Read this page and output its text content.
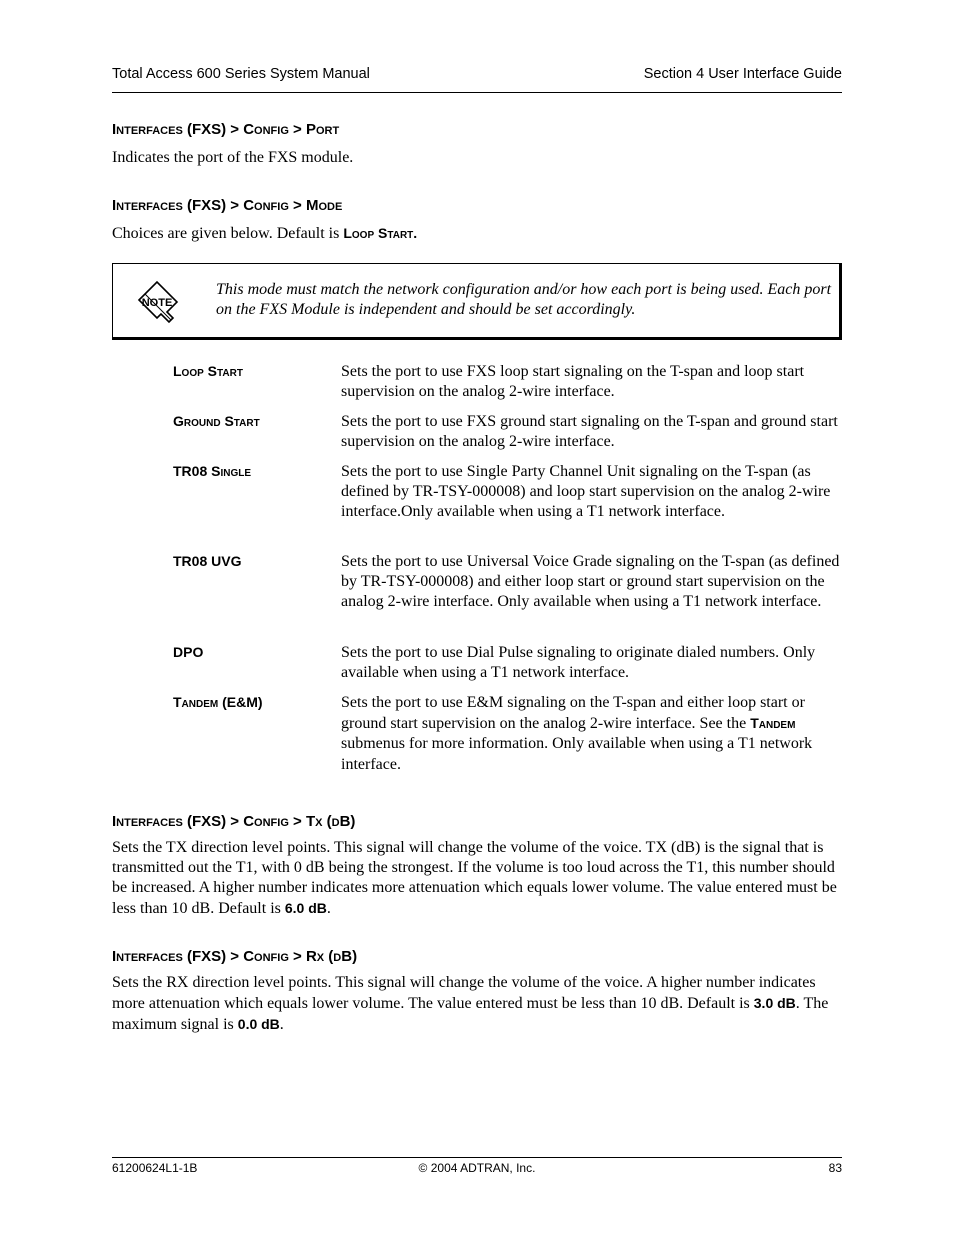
Total Access 600 Series System Manual	Section 4 User Interface Guide
Interfaces (FXS) > Config > Port
Indicates the port of the FXS module.
Interfaces (FXS) > Config > Mode
Choices are given below. Default is Loop Start.
NOTE
This mode must match the network configuration and/or how each port is being used. Each port on the FXS Module is independent and should be set accordingly.
Loop Start	Sets the port to use FXS loop start signaling on the T-span and loop start supervision on the analog 2-wire interface.
Ground Start	Sets the port to use FXS ground start signaling on the T-span and ground start supervision on the analog 2-wire interface.
TR08 Single	Sets the port to use Single Party Channel Unit signaling on the T-span (as defined by TR-TSY-000008) and loop start supervision on the analog 2-wire interface.Only available when using a T1 network interface.
TR08 UVG	Sets the port to use Universal Voice Grade signaling on the T-span (as defined by TR-TSY-000008) and either loop start or ground start supervision on the analog 2-wire interface. Only available when using a T1 network interface.
DPO	Sets the port to use Dial Pulse signaling to originate dialed numbers. Only available when using a T1 network interface.
Tandem (E&M)	Sets the port to use E&M signaling on the T-span and either loop start or ground start supervision on the analog 2-wire interface. See the Tandem submenus for more information. Only available when using a T1 network interface.
Interfaces (FXS) > Config > Tx (dB)
Sets the TX direction level points. This signal will change the volume of the voice. TX (dB) is the signal that is transmitted out the T1, with 0 dB being the strongest. If the volume is too loud across the T1, this number should be increased. A higher number indicates more attenuation which equals lower volume. The value entered must be less than 10 dB. Default is 6.0 dB.
Interfaces (FXS) > Config > Rx (dB)
Sets the RX direction level points. This signal will change the volume of the voice. A higher number indicates more attenuation which equals lower volume. The value entered must be less than 10 dB. Default is 3.0 dB. The maximum signal is 0.0 dB.
61200624L1-1B	© 2004 ADTRAN, Inc.	83
